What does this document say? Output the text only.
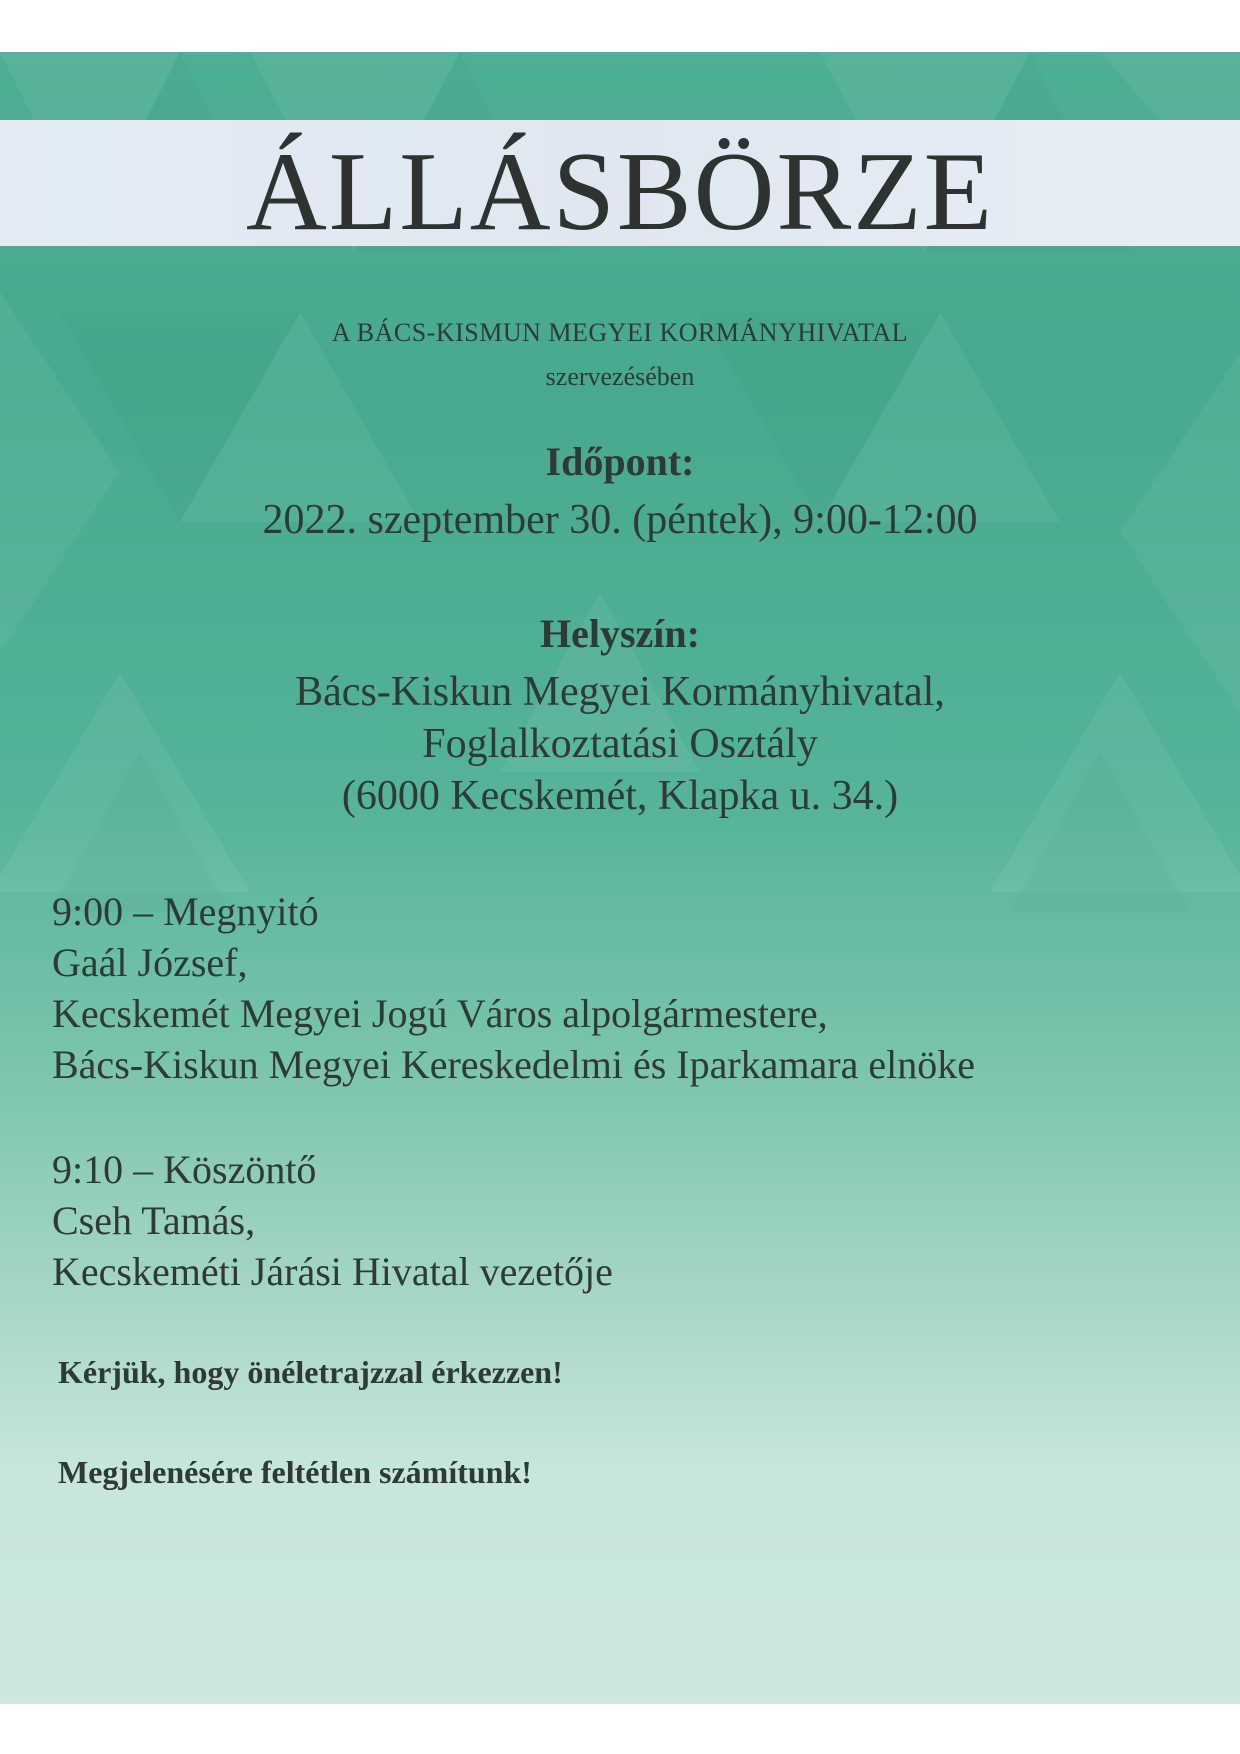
ÁLLÁSBÖRZE
A BÁCS-KISMUN MEGYEI KORMÁNYHIVATAL
szervezésében
Időpont:
2022. szeptember 30. (péntek), 9:00-12:00
Helyszín:
Bács-Kiskun Megyei Kormányhivatal,
Foglalkoztatási Osztály
(6000 Kecskemét, Klapka u. 34.)
9:00 – Megnyitó
Gaál József,
Kecskemét Megyei Jogú Város alpolgármestere,
Bács-Kiskun Megyei Kereskedelmi és Iparkamara elnöke
9:10 – Köszöntő
Cseh Tamás,
Kecskeméti Járási Hivatal vezetője
Kérjük, hogy önéletrajzzal érkezzen!
Megjelenésére feltétlen számítunk!
